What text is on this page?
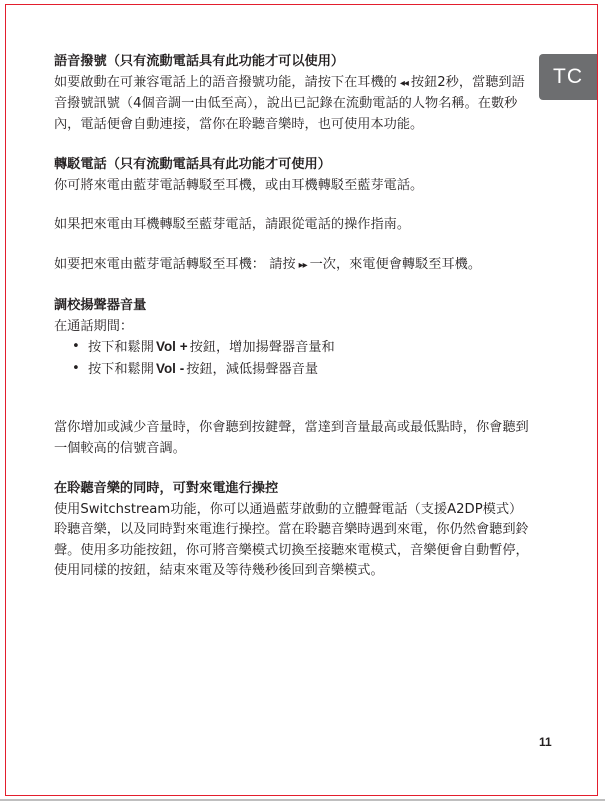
TC

語音撥號（只有流動電話具有此功能才可以使用）

如要啟動在可兼容電話上的語音撥號功能，請按下在耳機的 ◂◂ 按鈕2秒，當聽到語音撥號訊號（4個音調一由低至高），說出已記錄在流動電話的人物名稱。在數秒內，電話便會自動連接，當你在聆聽音樂時，也可使用本功能。

轉駁電話（只有流動電話具有此功能才可使用）

你可將來電由藍芽電話轉駁至耳機，或由耳機轉駁至藍芽電話。

如果把來電由耳機轉駁至藍芽電話，請跟從電話的操作指南。

如要把來電由藍芽電話轉駁至耳機： 請按 ▸▸ 一次，來電便會轉駁至耳機。

調校揚聲器音量

在通話期間：

• 按下和鬆開 Vol + 按鈕，增加揚聲器音量和
• 按下和鬆開 Vol - 按鈕，減低揚聲器音量

當你增加或減少音量時，你會聽到按鍵聲，當達到音量最高或最低點時，你會聽到一個較高的信號音調。

在聆聽音樂的同時，可對來電進行操控

使用Switchstream功能，你可以通過藍芽啟動的立體聲電話（支援A2DP模式）聆聽音樂，以及同時對來電進行操控。當在聆聽音樂時遇到來電，你仍然會聽到鈴聲。使用多功能按鈕，你可將音樂模式切換至接聽來電模式，音樂便會自動暫停，使用同樣的按鈕，結束來電及等待幾秒後回到音樂模式。

11
